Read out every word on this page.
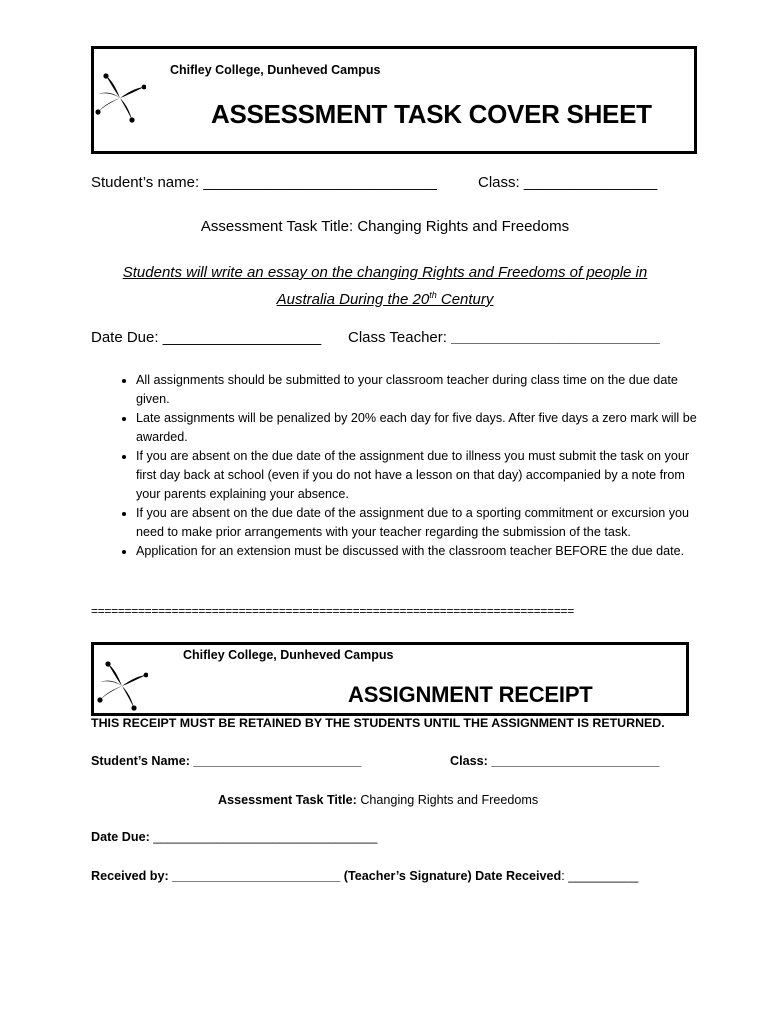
Chifley College, Dunheved Campus
ASSESSMENT TASK COVER SHEET
Student’s name: ____________________________	Class: ________________
Assessment Task Title: Changing Rights and Freedoms
Students will write an essay on the changing Rights and Freedoms of people in
Australia During the 20th Century
Date Due: ___________________ Class Teacher: _________________________
• All assignments should be submitted to your classroom teacher during class time on the due date given.
• Late assignments will be penalized by 20% each day for five days. After five days a zero mark will be awarded.
• If you are absent on the due date of the assignment due to illness you must submit the task on your first day back at school (even if you do not have a lesson on that day) accompanied by a note from your parents explaining your absence.
• If you are absent on the due date of the assignment due to a sporting commitment or excursion you need to make prior arrangements with your teacher regarding the submission of the task.
• Application for an extension must be discussed with the classroom teacher BEFORE the due date.
========================================================================
Chifley College, Dunheved Campus
ASSIGNMENT RECEIPT
THIS RECEIPT MUST BE RETAINED BY THE STUDENTS UNTIL THE ASSIGNMENT IS RETURNED.
Student’s Name: ________________________	Class: ________________________
Assessment Task Title: Changing Rights and Freedoms
Date Due: ________________________________
Received by: ________________________ (Teacher’s Signature) Date Received: __________
